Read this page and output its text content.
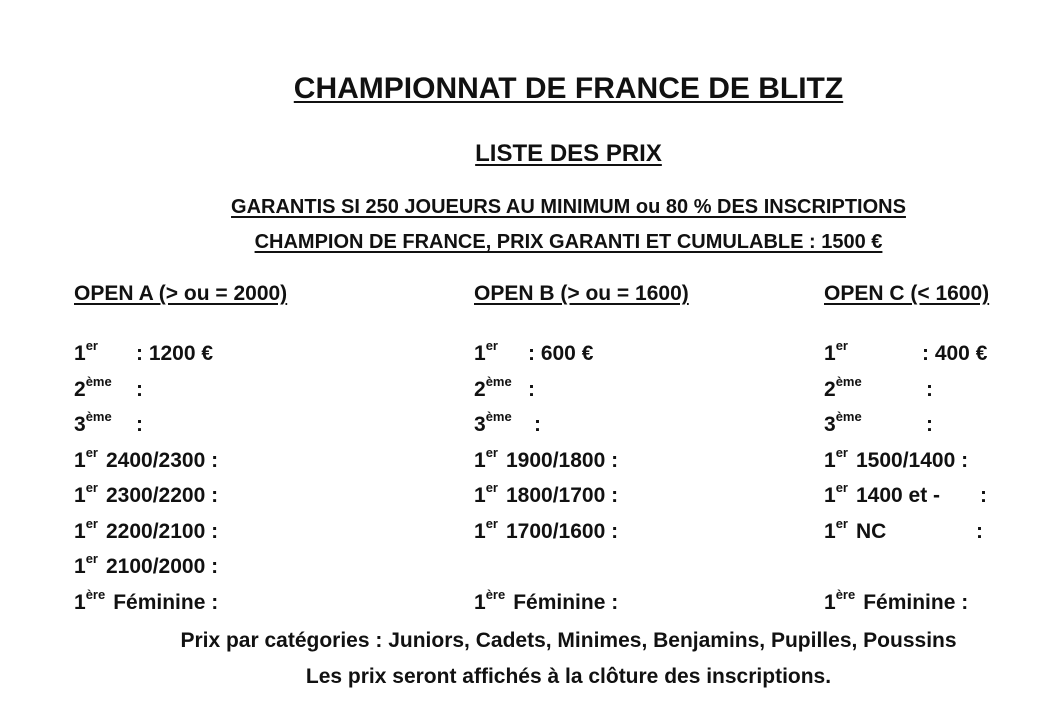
CHAMPIONNAT DE FRANCE DE BLITZ
LISTE DES PRIX
GARANTIS SI 250 JOUEURS AU MINIMUM ou 80 % DES INSCRIPTIONS
CHAMPION DE FRANCE, PRIX GARANTI ET CUMULABLE : 1500 €
OPEN A (> ou = 2000)
1er	: 1200 €
2ème	:
3ème	:
1er 2400/2300 :
1er 2300/2200 :
1er 2200/2100 :
1er 2100/2000 :
1ère Féminine :
OPEN B (> ou = 1600)
1er	: 600 €
2ème :
3ème	:
1er 1900/1800 :
1er 1800/1700 :
1er 1700/1600 :
1ère Féminine :
OPEN C (< 1600)
1er	: 400 €
2ème	:
3ème	:
1er 1500/1400 :
1er 1400 et - :
1er NC	:
1ère Féminine :
Prix par catégories : Juniors, Cadets, Minimes, Benjamins, Pupilles, Poussins
Les prix seront affichés à la clôture des inscriptions.
